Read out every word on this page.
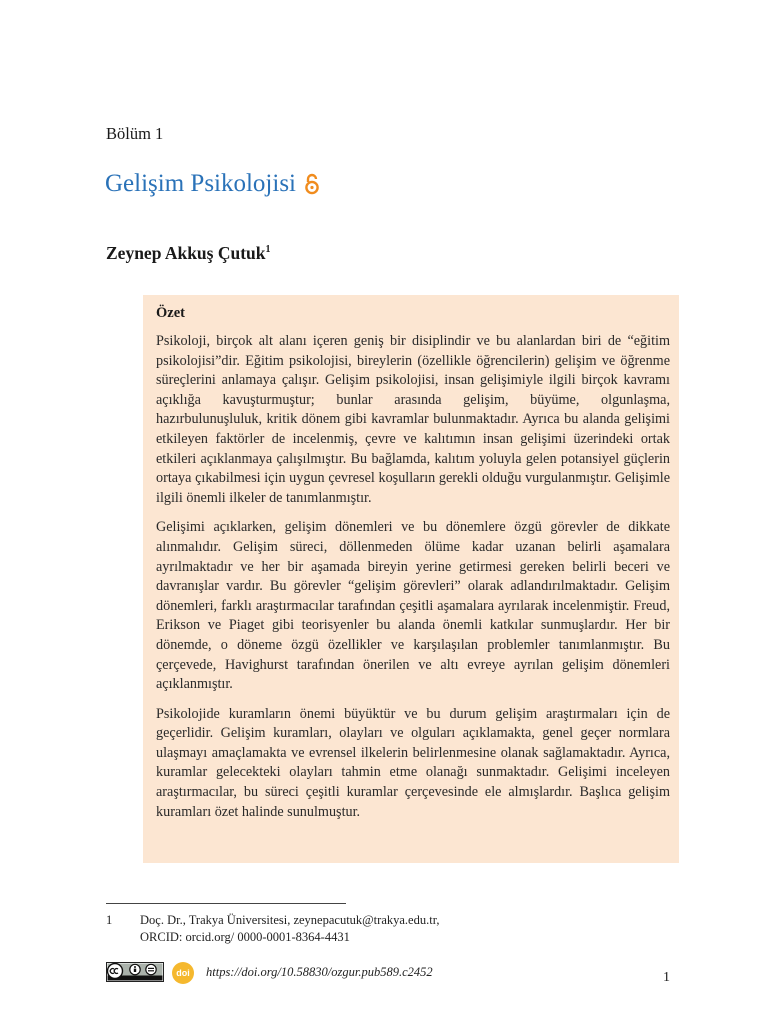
Bölüm 1
Gelişim Psikolojisi
Zeynep Akkuş Çutuk$^1$
Özet

Psikoloji, birçok alt alanı içeren geniş bir disiplindir ve bu alanlardan biri de “eğitim psikolojisi”dir. Eğitim psikolojisi, bireylerin (özellikle öğrencilerin) gelişim ve öğrenme süreçlerini anlamaya çalışır. Gelişim psikolojisi, insan gelişimiyle ilgili birçok kavramı açıklığa kavuşturmuştur; bunlar arasında gelişim, büyüme, olgunlaşma, hazırbulunuşluluk, kritik dönem gibi kavramlar bulunmaktadır. Ayrıca bu alanda gelişimi etkileyen faktörler de incelenmiş, çevre ve kalıtımın insan gelişimi üzerindeki ortak etkileri açıklanmaya çalışılmıştır. Bu bağlamda, kalıtım yoluyla gelen potansiyel güçlerin ortaya çıkabilmesi için uygun çevresel koşulların gerekli olduğu vurgulanmıştır. Gelişimle ilgili önemli ilkeler de tanımlanmıştır.

Gelişimi açıklarken, gelişim dönemleri ve bu dönemlere özgü görevler de dikkate alınmalıdır. Gelişim süreci, döllenmeden ölüme kadar uzanan belirli aşamalara ayrılmaktadır ve her bir aşamada bireyin yerine getirmesi gereken belirli beceri ve davranışlar vardır. Bu görevler “gelişim görevleri” olarak adlandırılmaktadır. Gelişim dönemleri, farklı araştırmacılar tarafından çeşitli aşamalara ayrılarak incelenmiştir. Freud, Erikson ve Piaget gibi teorisyenler bu alanda önemli katkılar sunmuşlardır. Her bir dönemde, o döneme özgü özellikler ve karşılaşılan problemler tanımlanmıştır. Bu çerçevede, Havighurst tarafından önerilen ve altı evreye ayrılan gelişim dönemleri açıklanmıştır.

Psikolojide kuramların önemi büyüktür ve bu durum gelişim araştırmaları için de geçerlidir. Gelişim kuramları, olayları ve olguları açıklamakta, genel geçer normlara ulaşmayı amaçlamakta ve evrensel ilkelerin belirlenmesine olanak sağlamaktadır. Ayrıca, kuramlar gelecekteki olayları tahmin etme olanağı sunmaktadır. Gelişimi inceleyen araştırmacılar, bu süreci çeşitli kuramlar çerçevesinde ele almışlardır. Başlıca gelişim kuramları özet halinde sunulmuştur.

1 Doç. Dr., Trakya Üniversitesi, zeynepacutuk@trakya.edu.tr,
ORCID: orcid.org/ 0000-0001-8364-4431
doi	https://doi.org/10.58830/ozgur.pub589.c2452	1
